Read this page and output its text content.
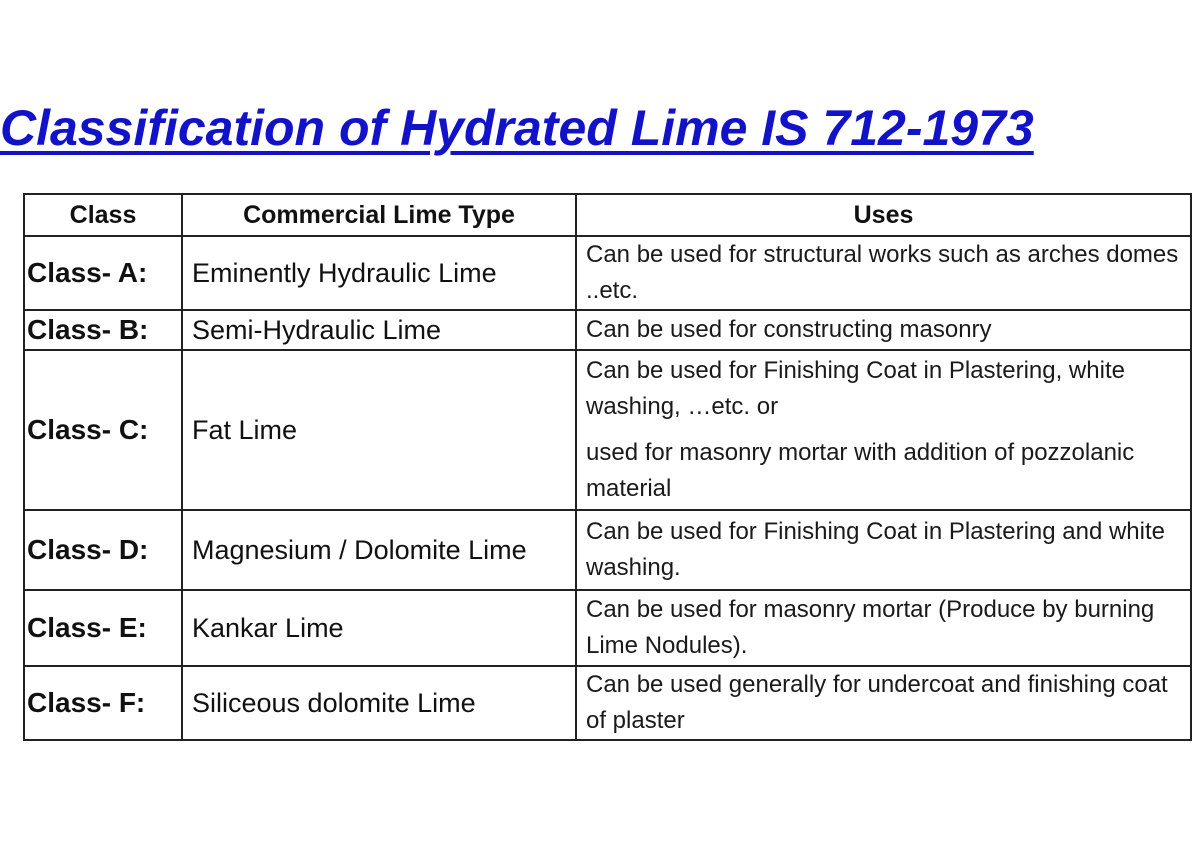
Classification of Hydrated Lime IS 712-1973
Class	Commercial Lime Type	Uses
Class- A:	Eminently Hydraulic Lime	Can be used for structural works such as arches domes ..etc.

Class- B:	Semi-Hydraulic Lime	Can be used for constructing masonry

Class- C:	Fat Lime	Can be used for Finishing Coat in Plastering, white washing, …etc. or

used for masonry mortar with addition of pozzolanic material

Class- D:	Magnesium / Dolomite Lime	Can be used for Finishing Coat in Plastering and white washing.

Class- E:	Kankar Lime	Can be used for masonry mortar (Produce by burning Lime Nodules).

Class- F:	Siliceous dolomite Lime	Can be used generally for undercoat and finishing coat of plaster
